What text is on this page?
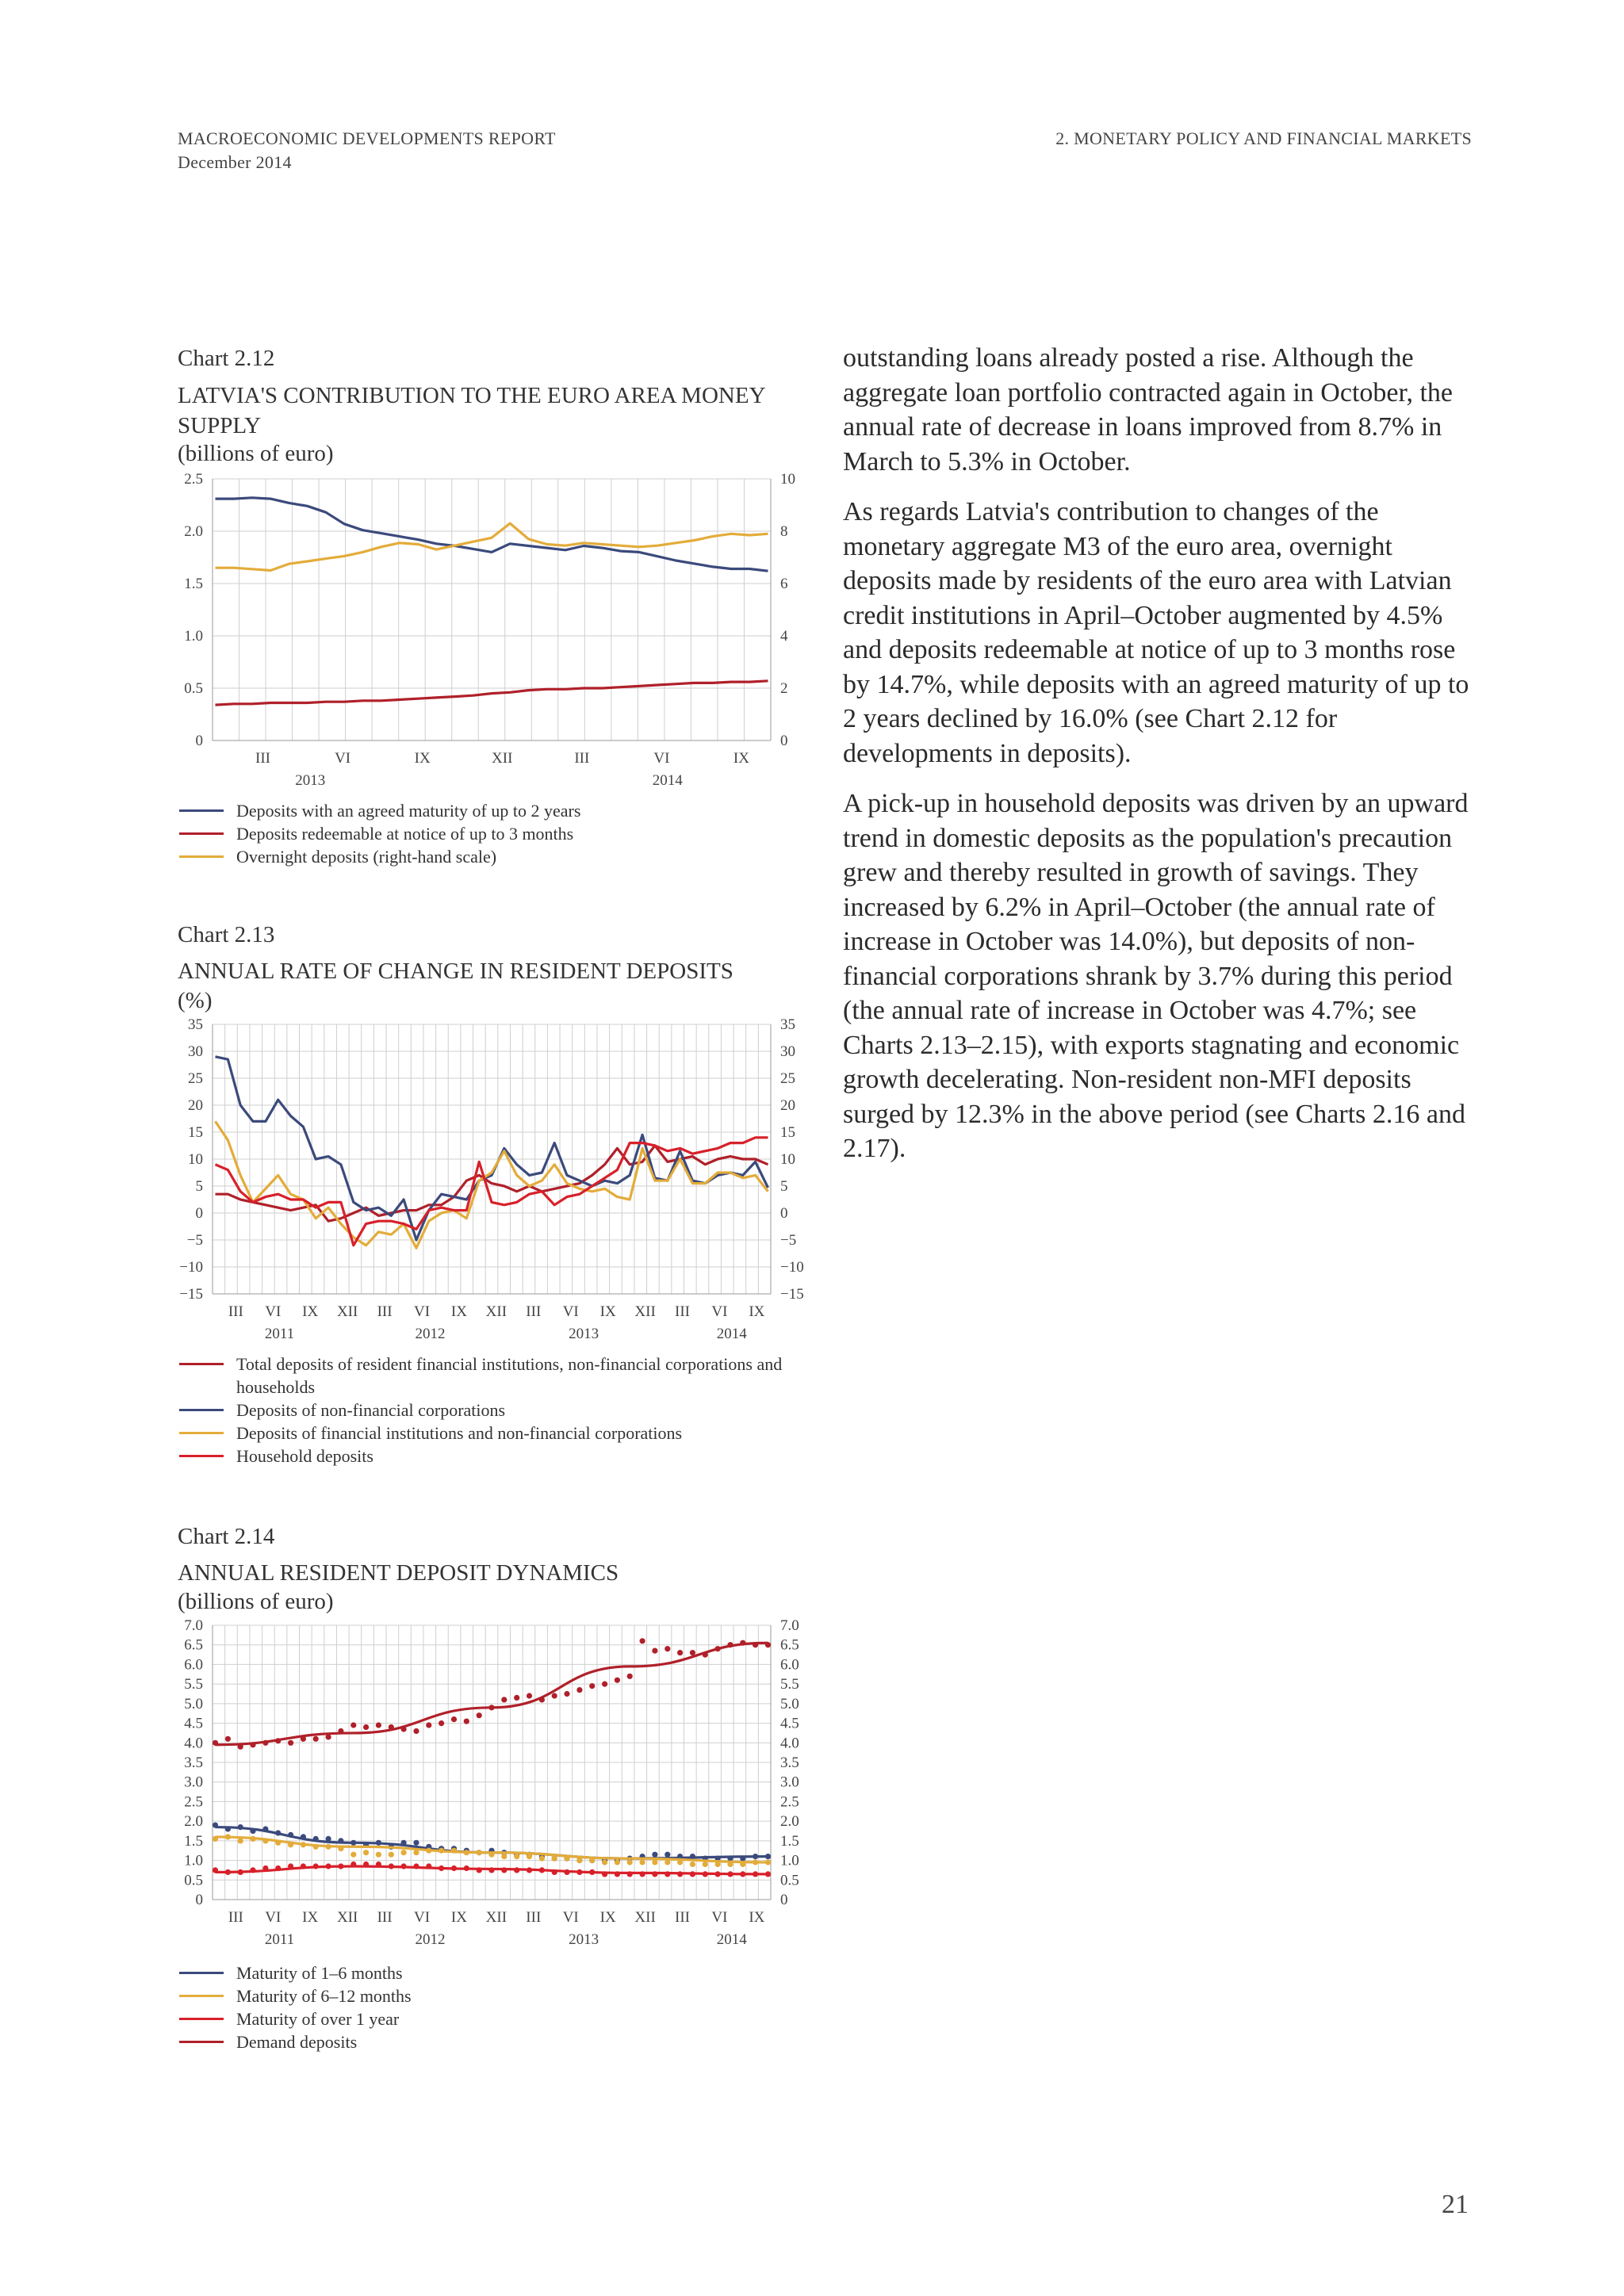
MACROECONOMIC DEVELOPMENTS REPORT
December 2014
2. MONETARY POLICY AND FINANCIAL MARKETS
Chart 2.12
LATVIA'S CONTRIBUTION TO THE EURO AREA MONEY SUPPLY
(billions of euro)
0	0
0.5	2
1.0	4
1.5	6
2.0	8
2.5	10
III	VI	IX	XII	III	VI	IX
2013	2014
Deposits with an agreed maturity of up to 2 years
Deposits redeemable at notice of up to 3 months
Overnight deposits (right-hand scale)
Chart 2.13
ANNUAL RATE OF CHANGE IN RESIDENT DEPOSITS
(%)
−15	−15
−10	−10
−5	−5
0	0
5	5
10	10
15	15
20	20
25	25
30	30
35	35
III VI IX XII III VI IX XII III VI IX XII III VI IX
2011	2012	2013	2014
Total deposits of resident financial institutions, non-financial corporations and households
Deposits of non-financial corporations
Deposits of financial institutions and non-financial corporations
Household deposits
Chart 2.14
ANNUAL RESIDENT DEPOSIT DYNAMICS
(billions of euro)
0	0
0.5	0.5
1.0	1.0
1.5	1.5
2.0	2.0
2.5	2.5
3.0	3.0
3.5	3.5
4.0	4.0
4.5	4.5
5.0	5.0
5.5	5.5
6.0	6.0
6.5	6.5
7.0	7.0
III VI IX XII III VI IX XII III VI IX XII III VI IX
2011	2012	2013	2014
Maturity of 1–6 months
Maturity of 6–12 months
Maturity of over 1 year
Demand deposits

outstanding loans already posted a rise. Although the aggregate loan portfolio contracted again in October, the annual rate of decrease in loans improved from 8.7% in March to 5.3% in October.

As regards Latvia's contribution to changes of the monetary aggregate M3 of the euro area, overnight deposits made by residents of the euro area with Latvian credit institutions in April–October augmented by 4.5% and deposits redeemable at notice of up to 3 months rose by 14.7%, while deposits with an agreed maturity of up to 2 years declined by 16.0% (see Chart 2.12 for developments in deposits).

A pick-up in household deposits was driven by an upward trend in domestic deposits as the population's precaution grew and thereby resulted in growth of savings. They increased by 6.2% in April–October (the annual rate of increase in October was 14.0%), but deposits of non-financial corporations shrank by 3.7% during this period (the annual rate of increase in October was 4.7%; see Charts 2.13–2.15), with exports stagnating and economic growth decelerating. Non-resident non-MFI deposits surged by 12.3% in the above period (see Charts 2.16 and 2.17).

21
